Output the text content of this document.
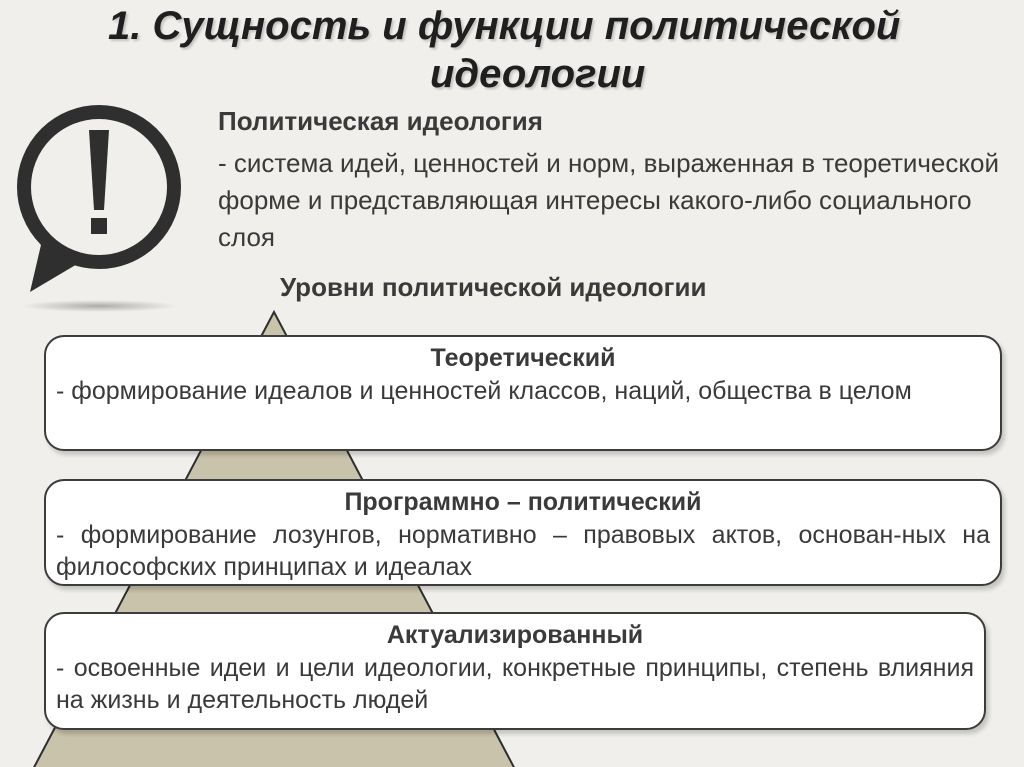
1. Сущность и функции политической
идеологии
Политическая идеология
- система идей, ценностей и норм, выраженная в теоретической форме и представляющая интересы какого-либо социального слоя
Уровни политической идеологии
Теоретический
- формирование идеалов и ценностей классов, наций, общества в целом
Программно – политический
- формирование лозунгов, нормативно – правовых актов, основан-ных на философских принципах и идеалах
Актуализированный
- освоенные идеи и цели идеологии, конкретные принципы, степень влияния на жизнь и деятельность людей
